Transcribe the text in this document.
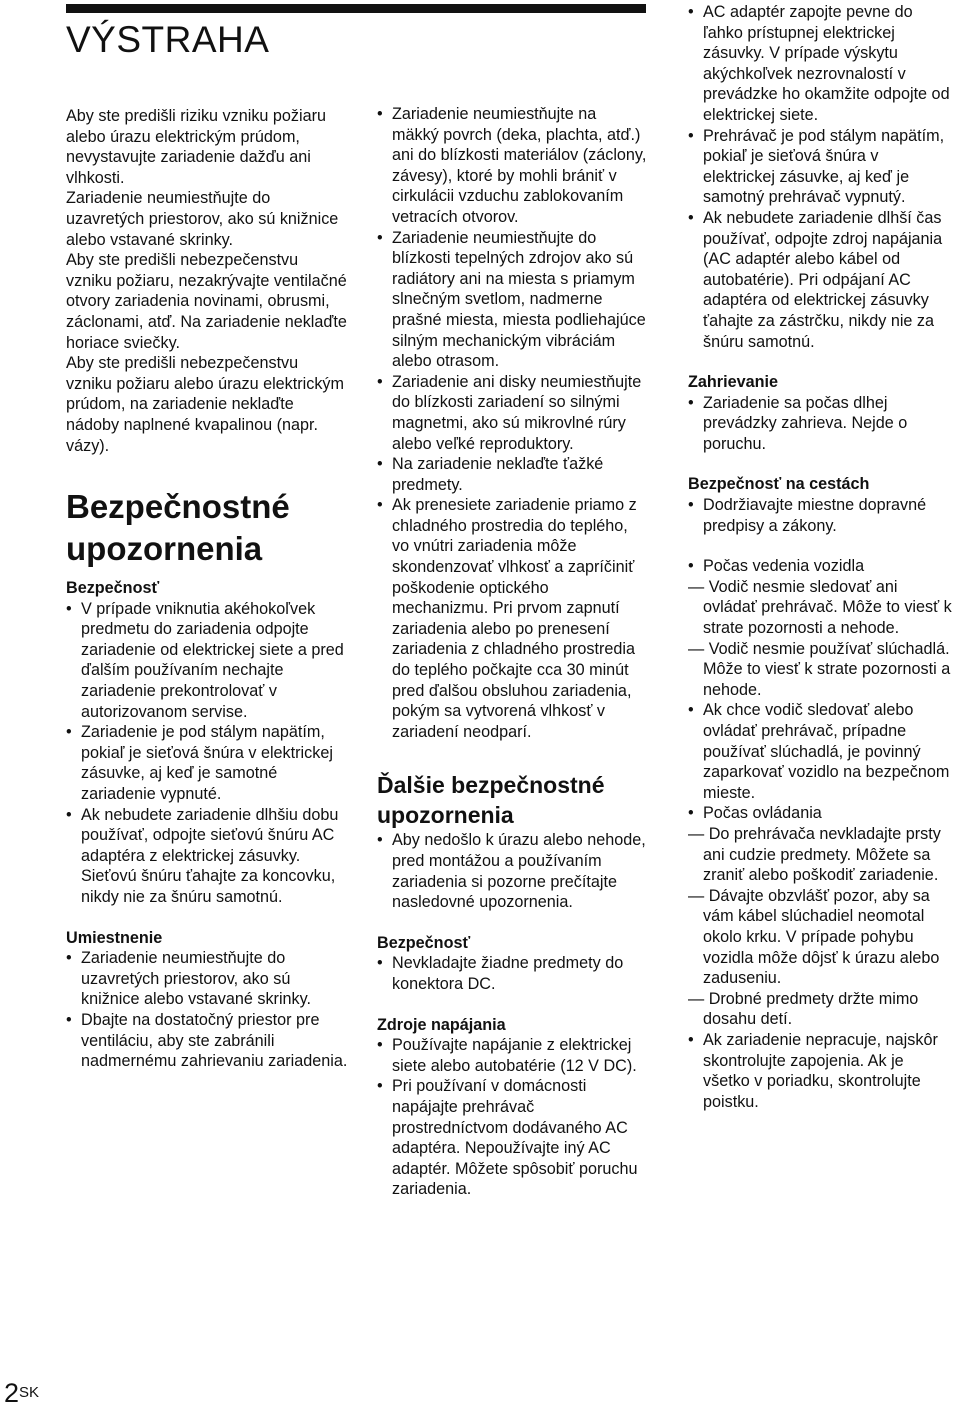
VÝSTRAHA

Aby ste predišli riziku vzniku požiaru alebo úrazu elektrickým prúdom, nevystavujte zariadenie dažďu ani vlhkosti.

Zariadenie neumiestňujte do uzavretých priestorov, ako sú knižnice alebo vstavané skrinky.

Aby ste predišli nebezpečenstvu vzniku požiaru, nezakrývajte ventilačné otvory zariadenia novinami, obrusmi, záclonami, atď. Na zariadenie neklaďte horiace sviečky.

Aby ste predišli nebezpečenstvu vzniku požiaru alebo úrazu elektrickým prúdom, na zariadenie neklaďte nádoby naplnené kvapalinou (napr. vázy).

Bezpečnostné upozornenia
Bezpečnosť
• V prípade vniknutia akéhokoľvek predmetu do zariadenia odpojte zariadenie od elektrickej siete a pred ďalším používaním nechajte zariadenie prekontrolovať v autorizovanom servise.
• Zariadenie je pod stálym napätím, pokiaľ je sieťová šnúra v elektrickej zásuvke, aj keď je samotné zariadenie vypnuté.
• Ak nebudete zariadenie dlhšiu dobu používať, odpojte sieťovú šnúru AC adaptéra z elektrickej zásuvky. Sieťovú šnúru ťahajte za koncovku, nikdy nie za šnúru samotnú.
Umiestnenie
• Zariadenie neumiestňujte do uzavretých priestorov, ako sú knižnice alebo vstavané skrinky.
• Dbajte na dostatočný priestor pre ventiláciu, aby ste zabránili nadmernému zahrievaniu zariadenia.
• Zariadenie neumiestňujte na mäkký povrch (deka, plachta, atď.) ani do blízkosti materiálov (záclony, závesy), ktoré by mohli brániť v cirkulácii vzduchu zablokovaním vetracích otvorov.
• Zariadenie neumiestňujte do blízkosti tepelných zdrojov ako sú radiátory ani na miesta s priamym slnečným svetlom, nadmerne prašné miesta, miesta podliehajúce silným mechanickým vibráciám alebo otrasom.
• Zariadenie ani disky neumiestňujte do blízkosti zariadení so silnými magnetmi, ako sú mikrovlné rúry alebo veľké reproduktory.
• Na zariadenie neklaďte ťažké predmety.
• Ak prenesiete zariadenie priamo z chladného prostredia do teplého, vo vnútri zariadenia môže skondenzovať vlhkosť a zapríčiniť poškodenie optického mechanizmu. Pri prvom zapnutí zariadenia alebo po prenesení zariadenia z chladného prostredia do teplého počkajte cca 30 minút pred ďalšou obsluhou zariadenia, pokým sa vytvorená vlhkosť v zariadení neodparí.
Ďalšie bezpečnostné upozornenia
• Aby nedošlo k úrazu alebo nehode, pred montážou a používaním zariadenia si pozorne prečítajte nasledovné upozornenia.
Bezpečnosť
• Nevkladajte žiadne predmety do konektora DC.
Zdroje napájania
• Používajte napájanie z elektrickej siete alebo autobatérie (12 V DC).
• Pri používaní v domácnosti napájajte prehrávač prostredníctvom dodávaného AC adaptéra. Nepoužívajte iný AC adaptér. Môžete spôsobiť poruchu zariadenia.
• AC adaptér zapojte pevne do ľahko prístupnej elektrickej zásuvky. V prípade výskytu akýchkoľvek nezrovnalostí v prevádzke ho okamžite odpojte od elektrickej siete.
• Prehrávač je pod stálym napätím, pokiaľ je sieťová šnúra v elektrickej zásuvke, aj keď je samotný prehrávač vypnutý.
• Ak nebudete zariadenie dlhší čas používať, odpojte zdroj napájania (AC adaptér alebo kábel od autobatérie). Pri odpájaní AC adaptéra od elektrickej zásuvky ťahajte za zástrčku, nikdy nie za šnúru samotnú.
Zahrievanie
• Zariadenie sa počas dlhej prevádzky zahrieva. Nejde o poruchu.
Bezpečnosť na cestách
• Dodržiavajte miestne dopravné predpisy a zákony.
• Počas vedenia vozidla
— Vodič nesmie sledovať ani ovládať prehrávač. Môže to viesť k strate pozornosti a nehode.
— Vodič nesmie používať slúchadlá. Môže to viesť k strate pozornosti a nehode.
• Ak chce vodič sledovať alebo ovládať prehrávač, prípadne používať slúchadlá, je povinný zaparkovať vozidlo na bezpečnom mieste.
• Počas ovládania
— Do prehrávača nevkladajte prsty ani cudzie predmety. Môžete sa zraniť alebo poškodiť zariadenie.
— Dávajte obzvlášť pozor, aby sa vám kábel slúchadiel neomotal okolo krku. V prípade pohybu vozidla môže dôjsť k úrazu alebo zaduseniu.
— Drobné predmety držte mimo dosahu detí.
• Ak zariadenie nepracuje, najskôr skontrolujte zapojenia. Ak je všetko v poriadku, skontrolujte poistku.
$2^{SK}$
